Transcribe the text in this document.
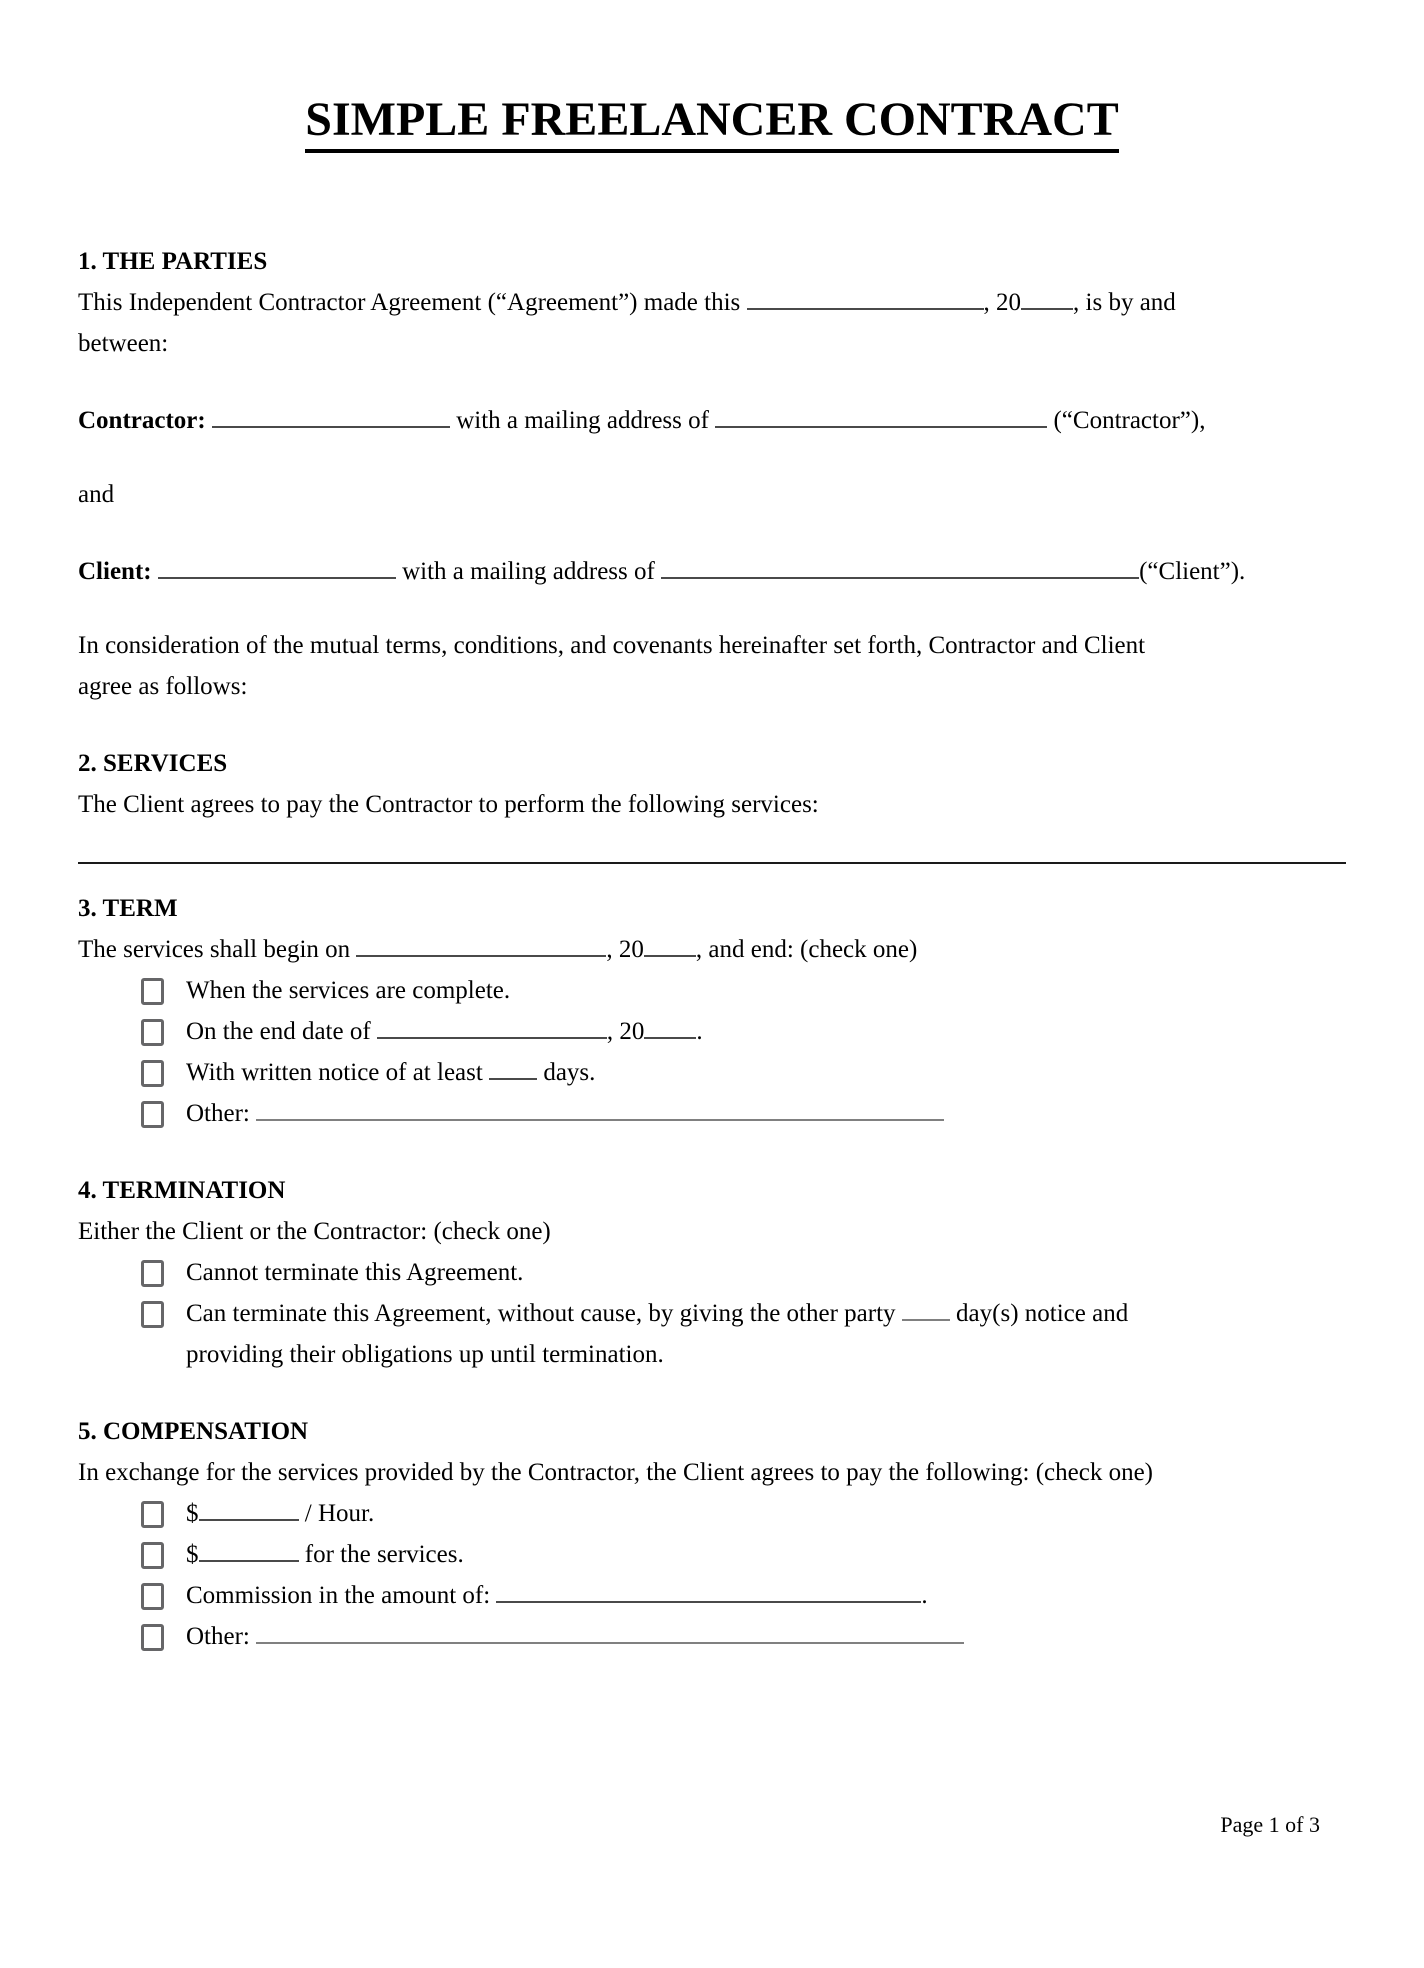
SIMPLE FREELANCER CONTRACT
1. THE PARTIES

This Independent Contractor Agreement (“Agreement”) made this	, 20 , is by and
between:

Contractor:	with a mailing address of	(“Contractor”),

and

Client:	with a mailing address of	(“Client”).

In consideration of the mutual terms, conditions, and covenants hereinafter set forth, Contractor and Client
agree as follows:

2. SERVICES

The Client agrees to pay the Contractor to perform the following services:

3. TERM

The services shall begin on	, 20 , and end: (check one)

When the services are complete.
On the end date of	, 20 .
With written notice of at least  days.
Other:
4. TERMINATION

Either the Client or the Contractor: (check one)

Cannot terminate this Agreement.
Can terminate this Agreement, without cause, by giving the other party  day(s) notice and
providing their obligations up until termination.
5. COMPENSATION

In exchange for the services provided by the Contractor, the Client agrees to pay the following: (check one)

$	/ Hour.
$	for the services.
Commission in the amount of:	.
Other:
Page 1 of 3
